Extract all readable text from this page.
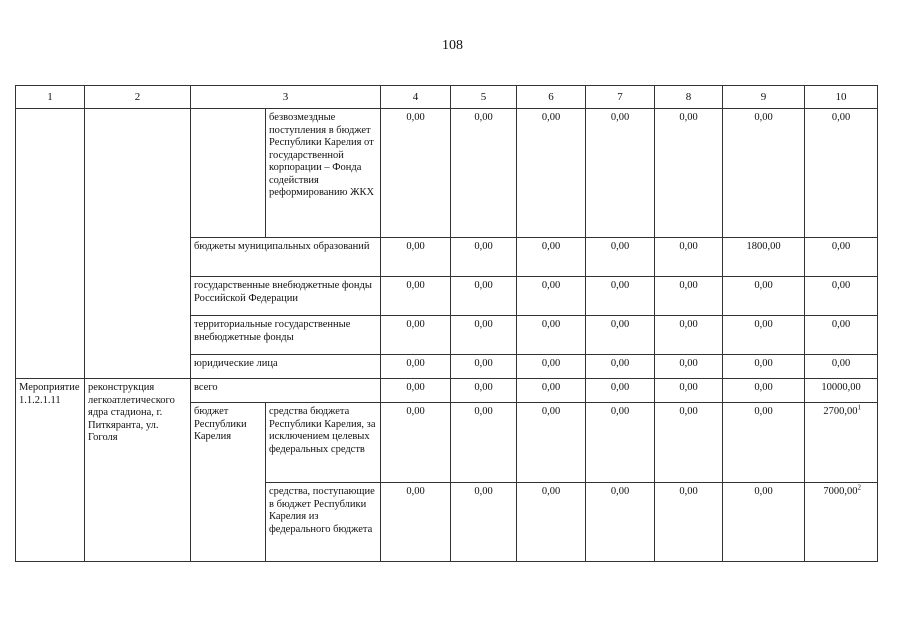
108
1	2	3		4	5	6	7	8	9	10
			безвозмездные поступления в бюджет Республики Карелия от государственной корпорации – Фонда содействия реформированию ЖКХ	0,00	0,00	0,00	0,00	0,00	0,00	0,00
		бюджеты муниципальных образований		0,00	0,00	0,00	0,00	0,00	1800,00	0,00
		государственные внебюджетные фонды Российской Федерации		0,00	0,00	0,00	0,00	0,00	0,00	0,00
		территориальные государственные внебюджетные фонды		0,00	0,00	0,00	0,00	0,00	0,00	0,00
		юридические лица		0,00	0,00	0,00	0,00	0,00	0,00	0,00
Мероприятие 1.1.2.1.11	реконструкция легкоатлетического ядра стадиона, г. Питкяранта, ул. Гоголя	всего		0,00	0,00	0,00	0,00	0,00	0,00	10000,00
		бюджет Республики Карелия	средства бюджета Республики Карелия, за исключением целевых федеральных средств	0,00	0,00	0,00	0,00	0,00	0,00	2700,00$^1$
			средства, поступающие в бюджет Республики Карелия из федерального бюджета	0,00	0,00	0,00	0,00	0,00	0,00	7000,00$^2$
